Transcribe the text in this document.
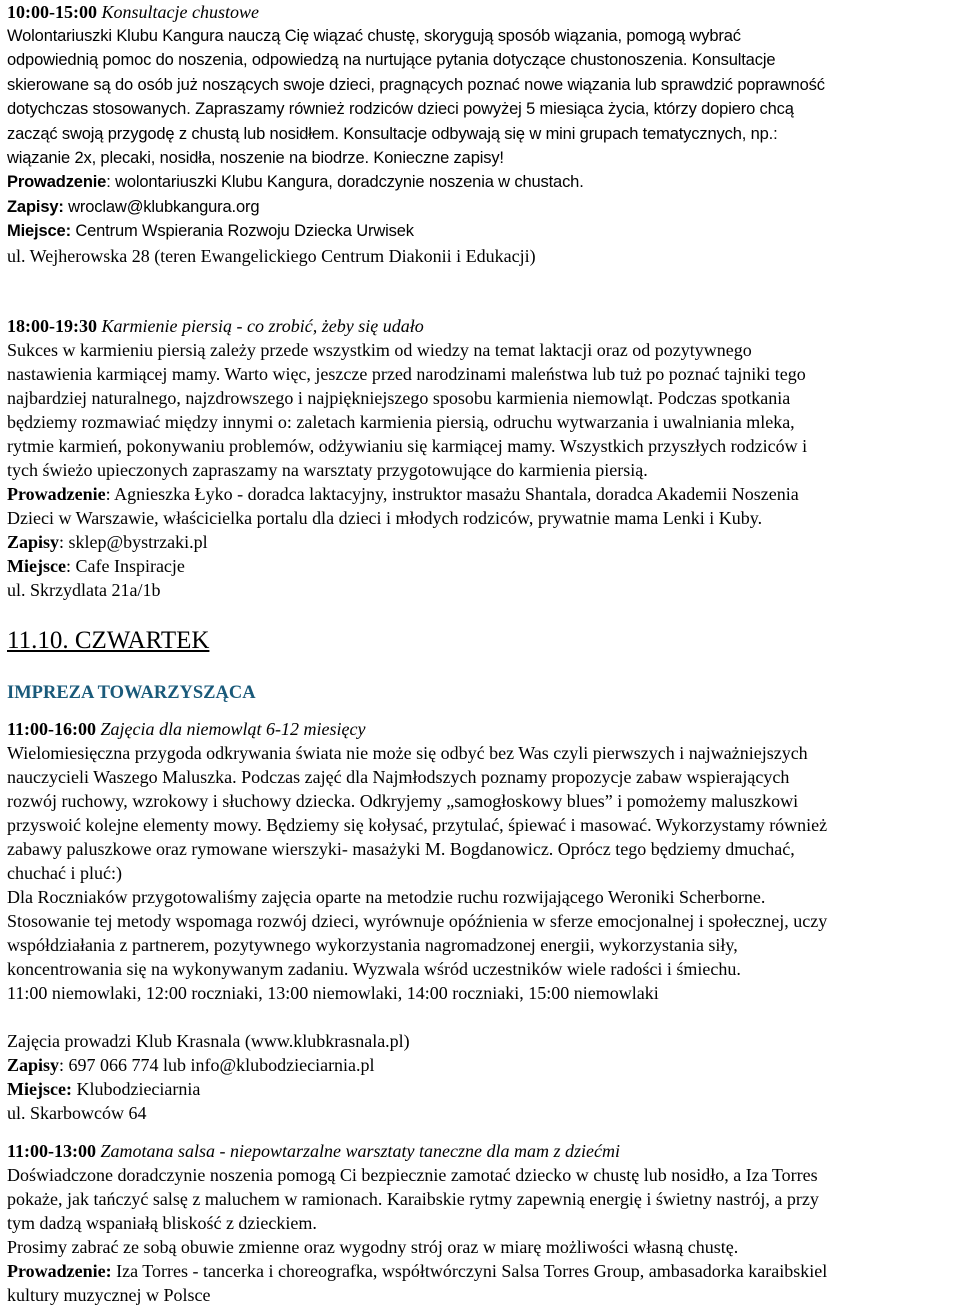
10:00-15:00 Konsultacje chustowe

Wolontariuszki Klubu Kangura nauczą Cię wiązać chustę, skorygują sposób wiązania, pomogą wybrać

odpowiednią pomoc do noszenia, odpowiedzą na nurtujące pytania dotyczące chustonoszenia. Konsultacje

skierowane są do osób już noszących swoje dzieci, pragnących poznać nowe wiązania lub sprawdzić poprawność

dotychczas stosowanych. Zapraszamy również rodziców dzieci powyżej 5 miesiąca życia, którzy dopiero chcą

zacząć swoją przygodę z chustą lub nosidłem. Konsultacje odbywają się w mini grupach tematycznych, np.:

wiązanie 2x, plecaki, nosidła, noszenie na biodrze. Konieczne zapisy!

Prowadzenie: wolontariuszki Klubu Kangura, doradczynie noszenia w chustach.

Zapisy: wroclaw@klubkangura.org

Miejsce: Centrum Wspierania Rozwoju Dziecka Urwisek

ul. Wejherowska 28 (teren Ewangelickiego Centrum Diakonii i Edukacji)

18:00-19:30 Karmienie piersią - co zrobić, żeby się udało

Sukces w karmieniu piersią zależy przede wszystkim od wiedzy na temat laktacji oraz od pozytywnego

nastawienia karmiącej mamy. Warto więc, jeszcze przed narodzinami maleństwa lub tuż po poznać tajniki tego

najbardziej naturalnego, najzdrowszego i najpiękniejszego sposobu karmienia niemowląt. Podczas spotkania

będziemy rozmawiać między innymi o: zaletach karmienia piersią, odruchu wytwarzania i uwalniania mleka,

rytmie karmień, pokonywaniu problemów, odżywianiu się karmiącej mamy. Wszystkich przyszłych rodziców i

tych świeżo upieczonych zapraszamy na warsztaty przygotowujące do karmienia piersią.

Prowadzenie: Agnieszka Łyko - doradca laktacyjny, instruktor masażu Shantala, doradca Akademii Noszenia

Dzieci w Warszawie, właścicielka portalu dla dzieci i młodych rodziców, prywatnie mama Lenki i Kuby.

Zapisy: sklep@bystrzaki.pl

Miejsce: Cafe Inspiracje

ul. Skrzydlata 21a/1b

11.10. CZWARTEK
IMPREZA TOWARZYSZĄCA

11:00-16:00 Zajęcia dla niemowląt 6-12 miesięcy

Wielomiesięczna przygoda odkrywania świata nie może się odbyć bez Was czyli pierwszych i najważniejszych

nauczycieli Waszego Maluszka. Podczas zajęć dla Najmłodszych poznamy propozycje zabaw wspierających

rozwój ruchowy, wzrokowy i słuchowy dziecka. Odkryjemy „samogłoskowy blues” i pomożemy maluszkowi

przyswoić kolejne elementy mowy. Będziemy się kołysać, przytulać, śpiewać i masować. Wykorzystamy również

zabawy paluszkowe oraz rymowane wierszyki- masażyki M. Bogdanowicz. Oprócz tego będziemy dmuchać,

chuchać i pluć:)

Dla Roczniaków przygotowaliśmy zajęcia oparte na metodzie ruchu rozwijającego Weroniki Scherborne.

Stosowanie tej metody wspomaga rozwój dzieci, wyrównuje opóźnienia w sferze emocjonalnej i społecznej, uczy

współdziałania z partnerem, pozytywnego wykorzystania nagromadzonej energii, wykorzystania siły,

koncentrowania się na wykonywanym zadaniu. Wyzwala wśród uczestników wiele radości i śmiechu.

11:00 niemowlaki, 12:00 roczniaki, 13:00 niemowlaki, 14:00 roczniaki, 15:00 niemowlaki

Zajęcia prowadzi Klub Krasnala (www.klubkrasnala.pl)

Zapisy: 697 066 774 lub info@klubodzieciarnia.pl

Miejsce: Klubodzieciarnia

ul. Skarbowców 64

11:00-13:00 Zamotana salsa - niepowtarzalne warsztaty taneczne dla mam z dziećmi

Doświadczone doradczynie noszenia pomogą Ci bezpiecznie zamotać dziecko w chustę lub nosidło, a Iza Torres

pokaże, jak tańczyć salsę z maluchem w ramionach. Karaibskie rytmy zapewnią energię i świetny nastrój, a przy

tym dadzą wspaniałą bliskość z dzieckiem.

Prosimy zabrać ze sobą obuwie zmienne oraz wygodny strój oraz w miarę możliwości własną chustę.

Prowadzenie: Iza Torres - tancerka i choreografka, współtwórczyni Salsa Torres Group, ambasadorka karaibskiel

kultury muzycznej w Polsce
